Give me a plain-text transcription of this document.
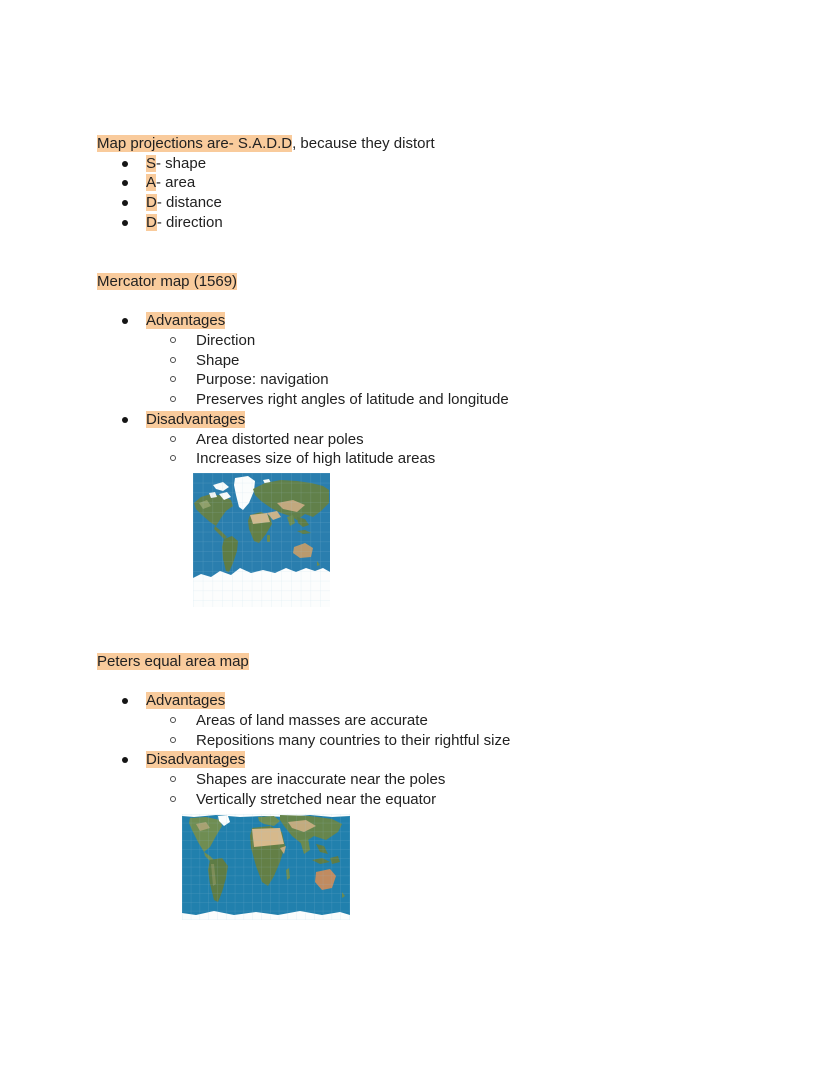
Map projections are- S.A.D.D, because they distort

S- shape
A- area
D- distance
D- direction

Mercator map (1569)

Advantages
Direction
Shape
Purpose: navigation
Preserves right angles of latitude and longitude
Disadvantages
Area distorted near poles
Increases size of high latitude areas

Peters equal area map

Advantages
Areas of land masses are accurate
Repositions many countries to their rightful size
Disadvantages
Shapes are inaccurate near the poles
Vertically stretched near the equator
